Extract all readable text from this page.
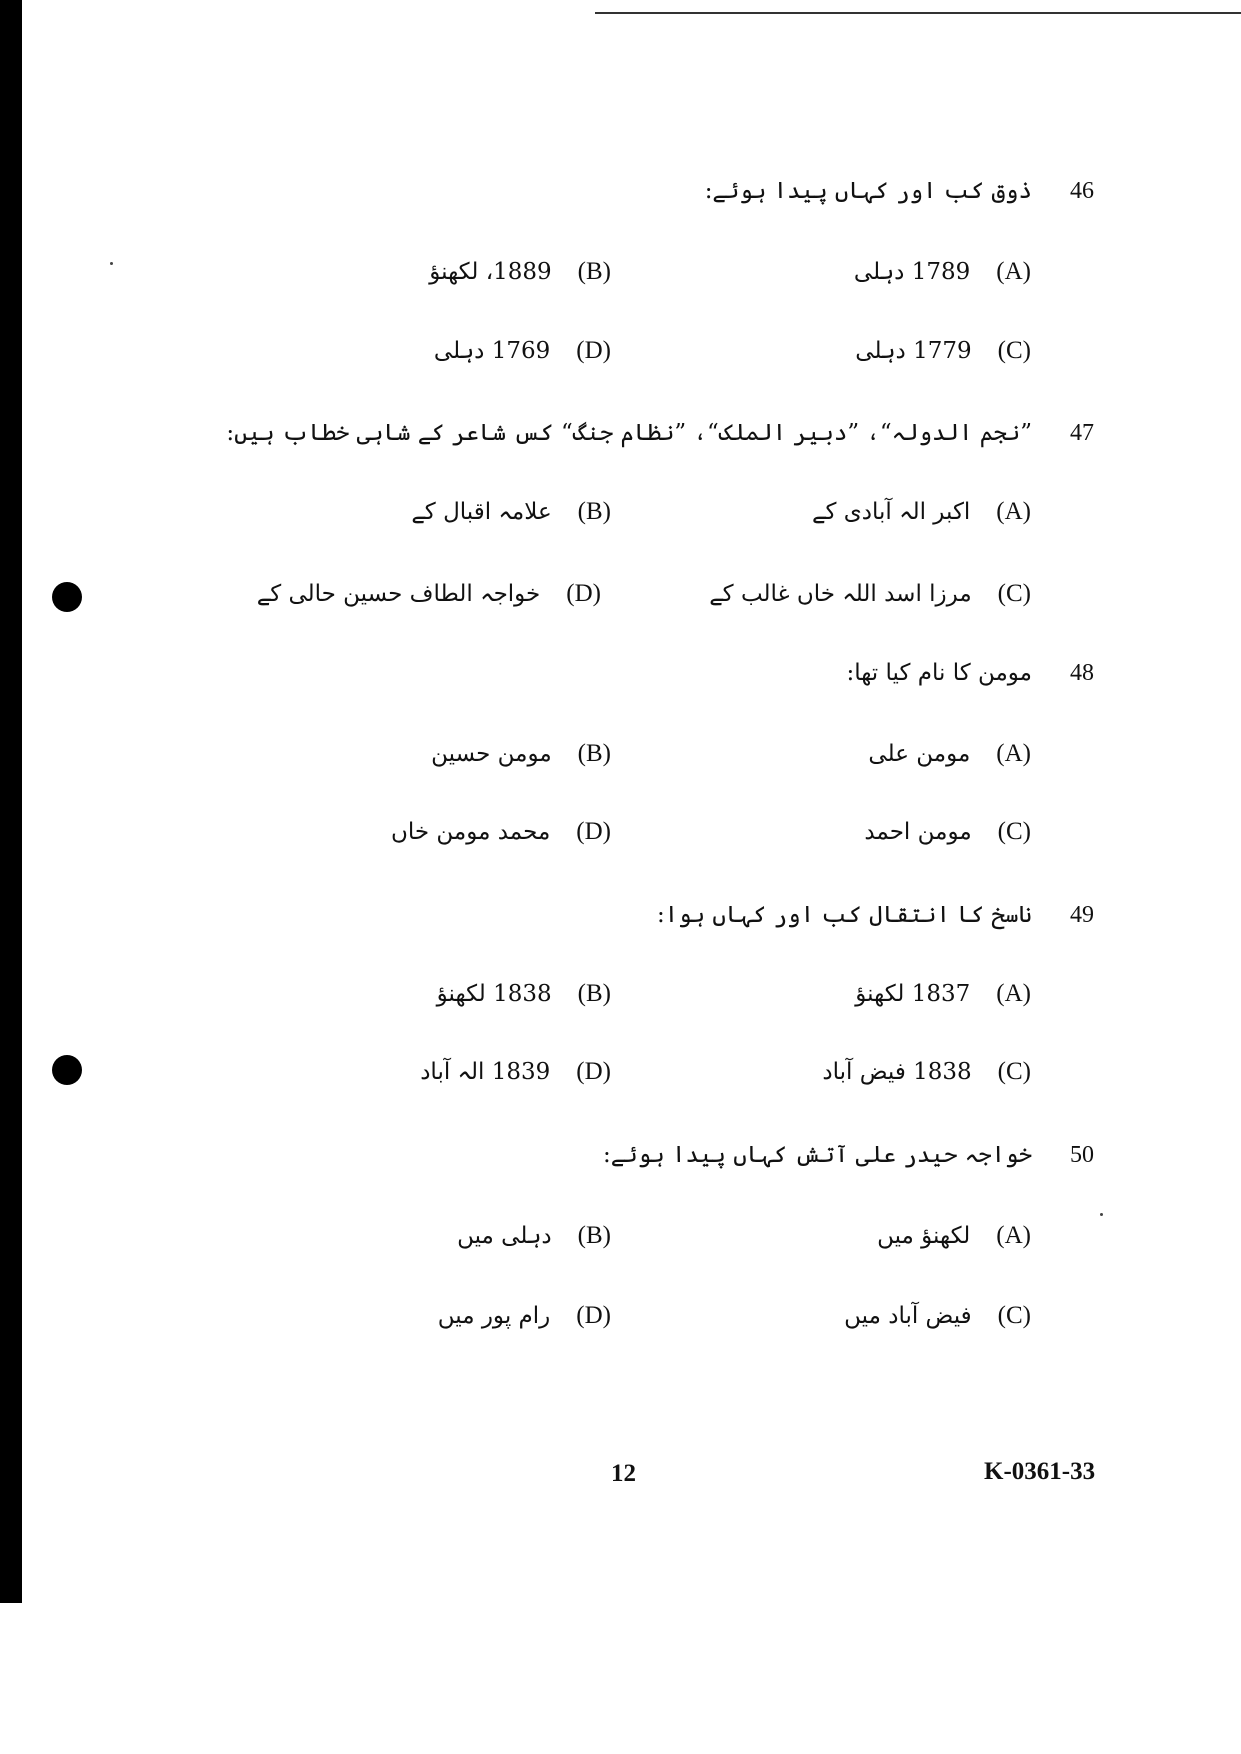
46
ذوق کب اور کہاں پیدا ہوئے:
(A)
1789 دہلی
(B)
1889، لکھنؤ
(C)
1779 دہلی
(D)
1769 دہلی
47
”نجم الدولہ“، ”دبیر الملک“، ”نظام جنگ“ کس شاعر کے شاہی خطاب ہیں:
(A)
اکبر الہ آبادی کے
(B)
علامہ اقبال کے
(C)
مرزا اسد اللہ خاں غالب کے
(D)
خواجہ الطاف حسین حالی کے
48
مومن کا نام کیا تھا:
(A)
مومن علی
(B)
مومن حسین
(C)
مومن احمد
(D)
محمد مومن خاں
49
ناسخ کا انتقال کب اور کہاں ہوا:
(A)
1837 لکھنؤ
(B)
1838 لکھنؤ
(C)
1838 فیض آباد
(D)
1839 الہ آباد
50
خواجہ حیدر علی آتش کہاں پیدا ہوئے:
(A)
لکھنؤ میں
(B)
دہلی میں
(C)
فیض آباد میں
(D)
رام پور میں
12	K-0361-33
